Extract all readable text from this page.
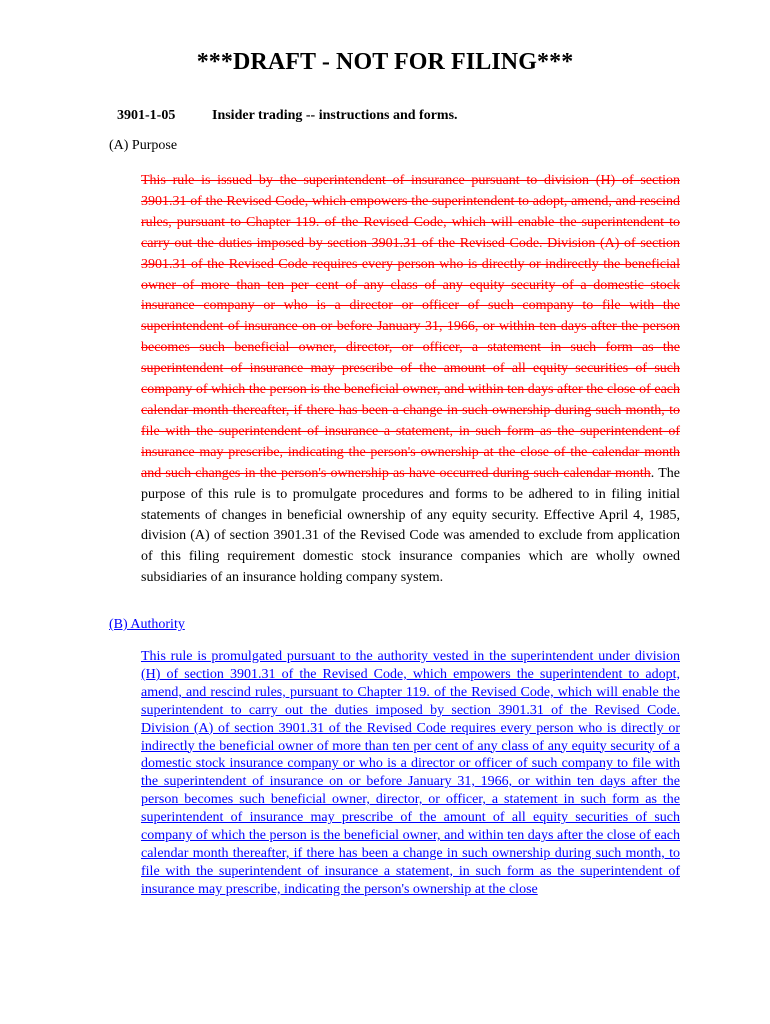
***DRAFT - NOT FOR FILING***
3901-1-05	Insider trading -- instructions and forms.
(A) Purpose
This rule is issued by the superintendent of insurance pursuant to division (H) of section 3901.31 of the Revised Code, which empowers the superintendent to adopt, amend, and rescind rules, pursuant to Chapter 119. of the Revised Code, which will enable the superintendent to carry out the duties imposed by section 3901.31 of the Revised Code. Division (A) of section 3901.31 of the Revised Code requires every person who is directly or indirectly the beneficial owner of more than ten per cent of any class of any equity security of a domestic stock insurance company or who is a director or officer of such company to file with the superintendent of insurance on or before January 31, 1966, or within ten days after the person becomes such beneficial owner, director, or officer, a statement in such form as the superintendent of insurance may prescribe of the amount of all equity securities of such company of which the person is the beneficial owner, and within ten days after the close of each calendar month thereafter, if there has been a change in such ownership during such month, to file with the superintendent of insurance a statement, in such form as the superintendent of insurance may prescribe, indicating the person's ownership at the close of the calendar month and such changes in the person's ownership as have occurred during such calendar month. The purpose of this rule is to promulgate procedures and forms to be adhered to in filing initial statements of changes in beneficial ownership of any equity security. Effective April 4, 1985, division (A) of section 3901.31 of the Revised Code was amended to exclude from application of this filing requirement domestic stock insurance companies which are wholly owned subsidiaries of an insurance holding company system.
(B) Authority
This rule is promulgated pursuant to the authority vested in the superintendent under division (H) of section 3901.31 of the Revised Code, which empowers the superintendent to adopt, amend, and rescind rules, pursuant to Chapter 119. of the Revised Code, which will enable the superintendent to carry out the duties imposed by section 3901.31 of the Revised Code. Division (A) of section 3901.31 of the Revised Code requires every person who is directly or indirectly the beneficial owner of more than ten per cent of any class of any equity security of a domestic stock insurance company or who is a director or officer of such company to file with the superintendent of insurance on or before January 31, 1966, or within ten days after the person becomes such beneficial owner, director, or officer, a statement in such form as the superintendent of insurance may prescribe of the amount of all equity securities of such company of which the person is the beneficial owner, and within ten days after the close of each calendar month thereafter, if there has been a change in such ownership during such month, to file with the superintendent of insurance a statement, in such form as the superintendent of insurance may prescribe, indicating the person's ownership at the close
